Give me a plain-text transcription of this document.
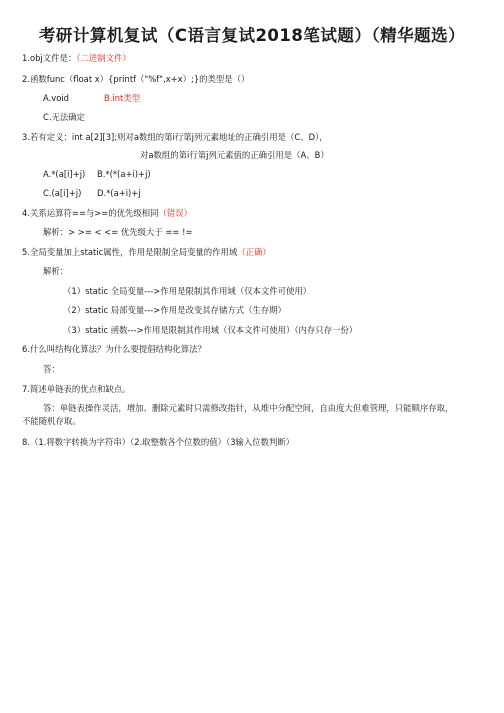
考研计算机复试（C语言复试2018笔试题）（精华题选）
1.obj文件是：（二进制文件）
2.函数func（float x）{printf（"%f",x+x）;}的类型是（）
A.void	B.int类型
C.无法确定
3.若有定义：int a[2][3];则对a数组的第i行第j列元素地址的正确引用是（C、D），
对a数组的第i行第j列元素值的正确引用是（A、B）
A.*(a[i]+j) B.*(*(a+i)+j)
C.(a[i]+j) D.*(a+i)+j
4.关系运算符==与>=的优先级相同（错误）
解析：> >= < <= 优先级大于 == !=
5.全局变量加上static属性，作用是限制全局变量的作用域（正确）
解析：
（1）static 全局变量--->作用是限制其作用域（仅本文件可使用）
（2）static 局部变量--->作用是改变其存储方式（生存期）
（3）static 函数--->作用是限制其作用域（仅本文件可使用）（内存只存一份）
6.什么叫结构化算法？为什么要提倡结构化算法？
答：
7.简述单链表的优点和缺点。
答：单链表操作灵活，增加、删除元素时只需修改指针，从堆中分配空间，自由度大但难管理，只能顺序存取，不能随机存取。
8.（1.将数字转换为字符串）（2.取整数各个位数的值）（3输入位数判断）
